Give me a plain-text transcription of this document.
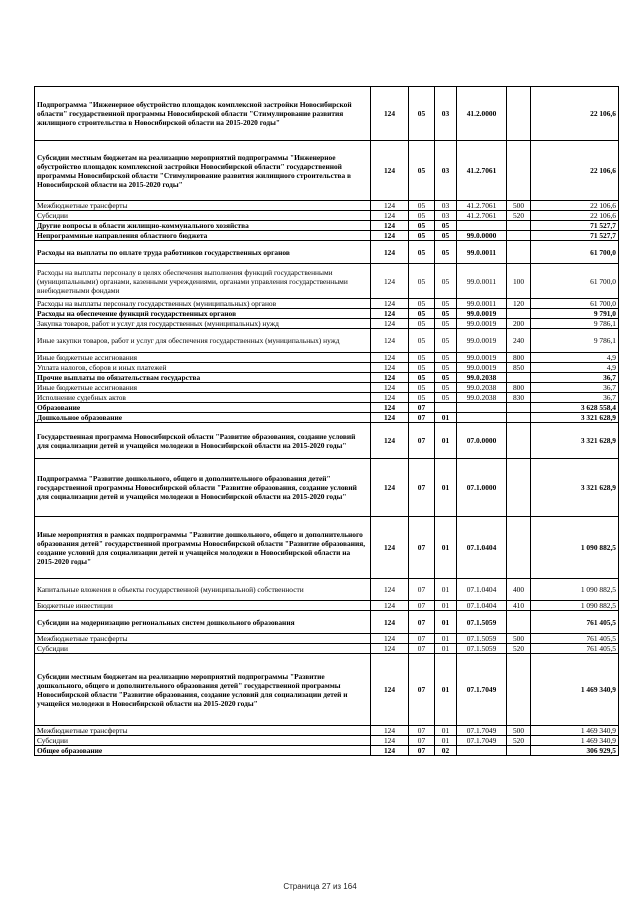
Подпрограмма "Инженерное обустройство площадок комплексной застройки Новосибирской области" государственной программы Новосибирской области "Стимулирование развития жилищного строительства в Новосибирской области на 2015-2020 годы"	124	05	03	41.2.0000		22 106,6
Субсидии местным бюджетам на реализацию мероприятий подпрограммы "Инженерное обустройство площадок комплексной застройки Новосибирской области" государственной программы Новосибирской области "Стимулирование развития жилищного строительства в Новосибирской области на 2015-2020 годы"	124	05	03	41.2.7061		22 106,6
Межбюджетные трансферты	124	05	03	41.2.7061	500	22 106,6
Субсидии	124	05	03	41.2.7061	520	22 106,6
Другие вопросы в области жилищно-коммунального хозяйства	124	05	05			71 527,7
Непрограммные направления областного бюджета	124	05	05	99.0.0000		71 527,7
Расходы на выплаты по оплате труда работников государственных органов	124	05	05	99.0.0011		61 700,0
Расходы на выплаты персоналу в целях обеспечения выполнения функций государственными (муниципальными) органами, казенными учреждениями, органами управления государственными внебюджетными фондами	124	05	05	99.0.0011	100	61 700,0
Расходы на выплаты персоналу государственных (муниципальных) органов	124	05	05	99.0.0011	120	61 700,0
Расходы на обеспечение функций государственных органов	124	05	05	99.0.0019		9 791,0
Закупка товаров, работ и услуг для государственных (муниципальных) нужд	124	05	05	99.0.0019	200	9 786,1
Иные закупки товаров, работ и услуг для обеспечения государственных (муниципальных) нужд	124	05	05	99.0.0019	240	9 786,1
Иные бюджетные ассигнования	124	05	05	99.0.0019	800	4,9
Уплата налогов, сборов и иных платежей	124	05	05	99.0.0019	850	4,9
Прочие выплаты по обязательствам государства	124	05	05	99.0.2038		36,7
Иные бюджетные ассигнования	124	05	05	99.0.2038	800	36,7
Исполнение судебных актов	124	05	05	99.0.2038	830	36,7
Образование	124	07				3 628 558,4
Дошкольное образование	124	07	01			3 321 628,9
Государственная программа Новосибирской области "Развитие образования, создание условий для социализации детей и учащейся молодежи в Новосибирской области на 2015-2020 годы"	124	07	01	07.0.0000		3 321 628,9
Подпрограмма "Развитие дошкольного, общего и дополнительного образования детей" государственной программы Новосибирской области "Развитие образования, создание условий для социализации детей и учащейся молодежи в Новосибирской области на 2015-2020 годы"	124	07	01	07.1.0000		3 321 628,9
Иные мероприятия в рамках подпрограммы "Развитие дошкольного, общего и дополнительного образования детей" государственной программы Новосибирской области "Развитие образования, создание условий для социализации детей и учащейся молодежи в Новосибирской области на 2015-2020 годы"	124	07	01	07.1.0404		1 090 882,5
Капитальные вложения в объекты государственной (муниципальной) собственности	124	07	01	07.1.0404	400	1 090 882,5
Бюджетные инвестиции	124	07	01	07.1.0404	410	1 090 882,5
Субсидии на модернизацию региональных систем дошкольного образования	124	07	01	07.1.5059		761 405,5
Межбюджетные трансферты	124	07	01	07.1.5059	500	761 405,5
Субсидии	124	07	01	07.1.5059	520	761 405,5
Субсидии местным бюджетам на реализацию мероприятий подпрограммы "Развитие дошкольного, общего и дополнительного образования детей" государственной программы Новосибирской области "Развитие образования, создание условий для социализации детей и учащейся молодежи в Новосибирской области на 2015-2020 годы"	124	07	01	07.1.7049		1 469 340,9
Межбюджетные трансферты	124	07	01	07.1.7049	500	1 469 340,9
Субсидии	124	07	01	07.1.7049	520	1 469 340,9
Общее образование	124	07	02			306 929,5
Страница 27 из 164
